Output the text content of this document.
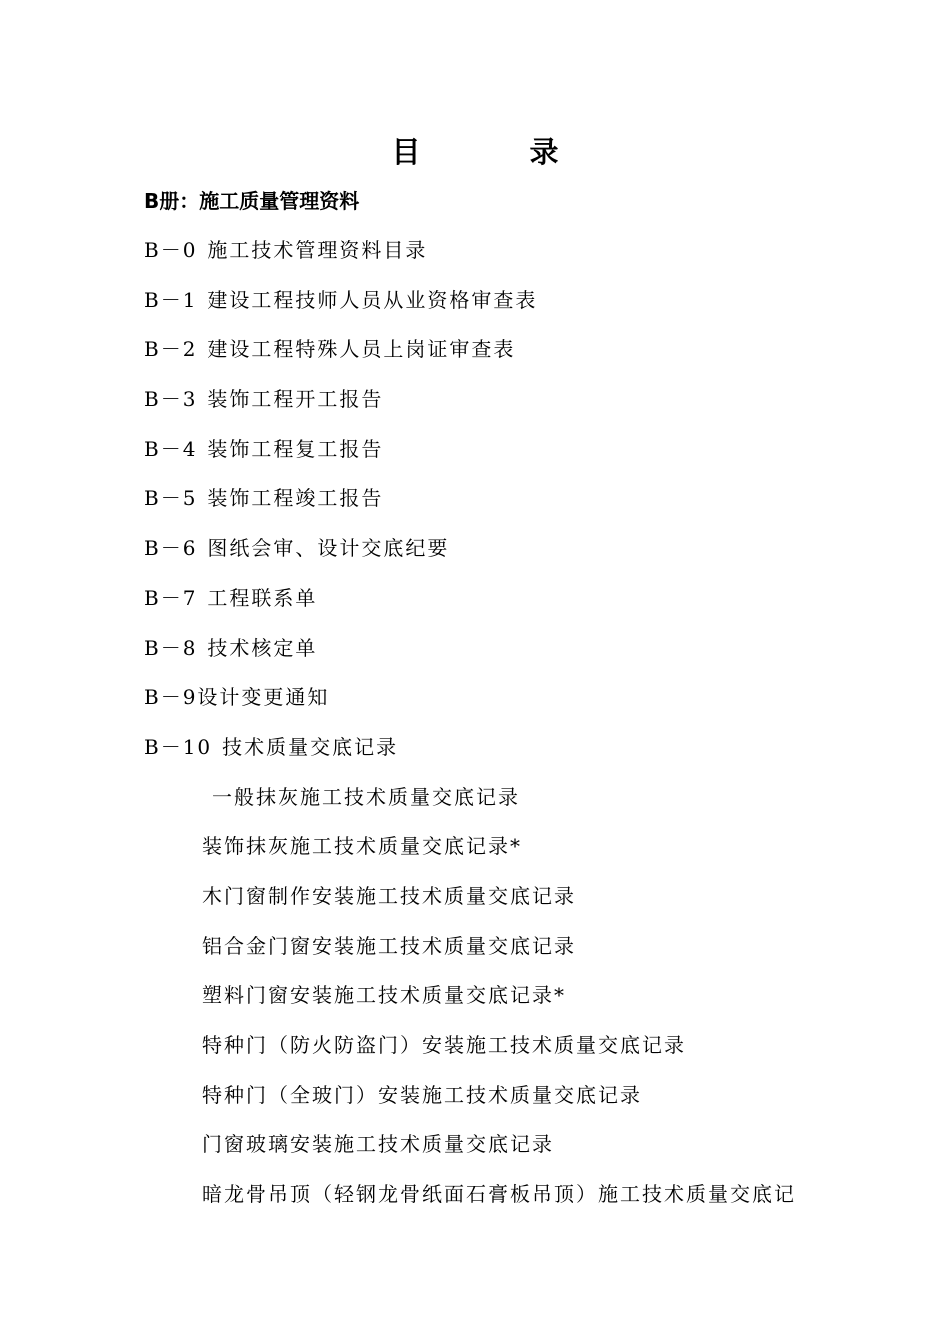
目　录
B册：施工质量管理资料
B－0 施工技术管理资料目录
B－1 建设工程技师人员从业资格审查表
B－2 建设工程特殊人员上岗证审查表
B－3 装饰工程开工报告
B－4 装饰工程复工报告
B－5 装饰工程竣工报告
B－6 图纸会审、设计交底纪要
B－7 工程联系单
B－8 技术核定单
B－9设计变更通知
B－10 技术质量交底记录
一般抹灰施工技术质量交底记录
装饰抹灰施工技术质量交底记录*
木门窗制作安装施工技术质量交底记录
铝合金门窗安装施工技术质量交底记录
塑料门窗安装施工技术质量交底记录*
特种门（防火防盗门）安装施工技术质量交底记录
特种门（全玻门）安装施工技术质量交底记录
门窗玻璃安装施工技术质量交底记录
暗龙骨吊顶（轻钢龙骨纸面石膏板吊顶）施工技术质量交底记
